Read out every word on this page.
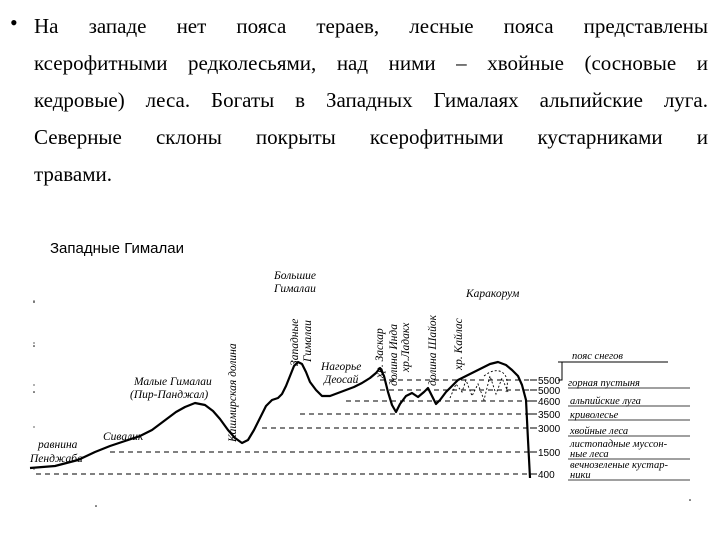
• На западе нет пояса тераев, лесные пояса представлены
ксерофитными редколесьями, над ними – хвойные (сосновые и
кедровые) леса. Богаты в Западных Гималаях альпийские луга.
Северные склоны покрыты ксерофитными кустарниками и
травами.
Западные Гималаи
5500
5000
4600
3500
3000
1500
400
пояс снегов
горная пустыня
альпийские луга
криволесье
хвойные леса
листопадные муссон-
ные леса
вечнозеленые кустар-
ники
равнина
Пенджаба
Сивалик
Малые Гималаи
(Пир-Панджал)
Большие
Гималаи
Нагорье
Деосай
Каракорум
Кашмирская долина
Западные Гималаи	хр. Заскар долина Инда хр.Ладакх долина Шайок хр. Кайлас
